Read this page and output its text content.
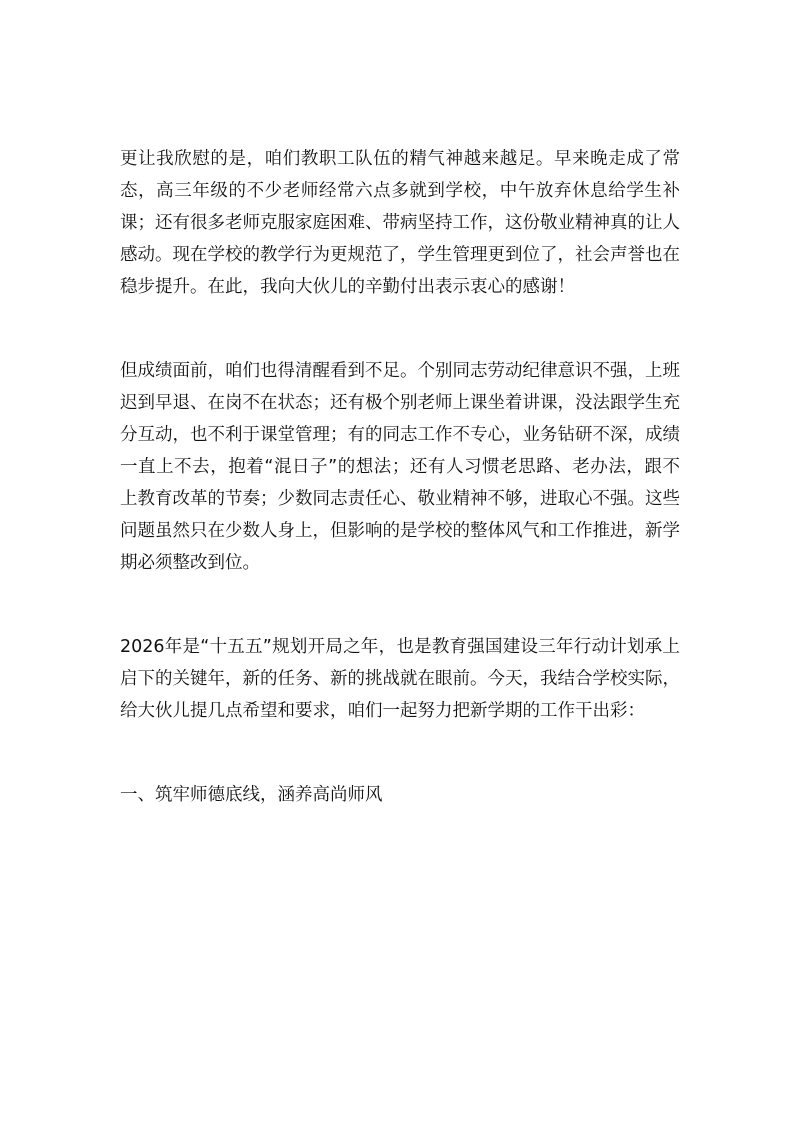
更让我欣慰的是，咱们教职工队伍的精气神越来越足。早来晚走成了常态，高三年级的不少老师经常六点多就到学校，中午放弃休息给学生补课；还有很多老师克服家庭困难、带病坚持工作，这份敬业精神真的让人感动。现在学校的教学行为更规范了，学生管理更到位了，社会声誉也在稳步提升。在此，我向大伙儿的辛勤付出表示衷心的感谢！

但成绩面前，咱们也得清醒看到不足。个别同志劳动纪律意识不强，上班迟到早退、在岗不在状态；还有极个别老师上课坐着讲课，没法跟学生充分互动，也不利于课堂管理；有的同志工作不专心，业务钻研不深，成绩一直上不去，抱着“混日子”的想法；还有人习惯老思路、老办法，跟不上教育改革的节奏；少数同志责任心、敬业精神不够，进取心不强。这些问题虽然只在少数人身上，但影响的是学校的整体风气和工作推进，新学期必须整改到位。

2026年是“十五五”规划开局之年，也是教育强国建设三年行动计划承上启下的关键年，新的任务、新的挑战就在眼前。今天，我结合学校实际，给大伙儿提几点希望和要求，咱们一起努力把新学期的工作干出彩：

一、筑牢师德底线，涵养高尚师风
